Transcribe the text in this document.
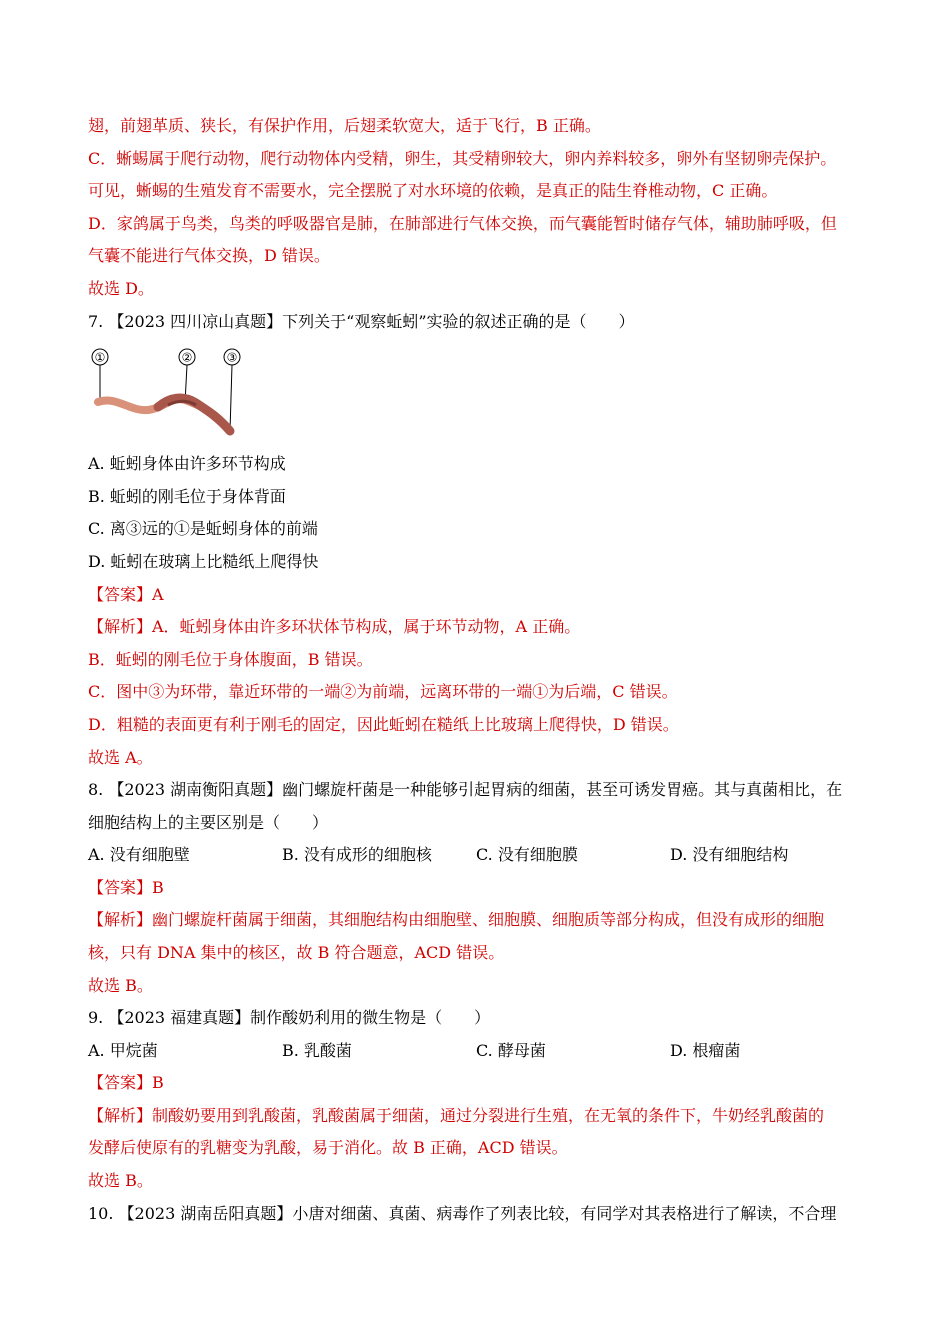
翅，前翅革质、狭长，有保护作用，后翅柔软宽大，适于飞行，B 正确。
C．蜥蜴属于爬行动物，爬行动物体内受精，卵生，其受精卵较大，卵内养料较多，卵外有坚韧卵壳保护。
可见，蜥蜴的生殖发育不需要水，完全摆脱了对水环境的依赖，是真正的陆生脊椎动物，C 正确。
D．家鸽属于鸟类，鸟类的呼吸器官是肺，在肺部进行气体交换，而气囊能暂时储存气体，辅助肺呼吸，但
气囊不能进行气体交换，D 错误。
故选 D。
7. 【2023 四川凉山真题】下列关于“观察蚯蚓”实验的叙述正确的是（　　）
①	②	③
A. 蚯蚓身体由许多环节构成
B. 蚯蚓的刚毛位于身体背面
C. 离③远的①是蚯蚓身体的前端
D. 蚯蚓在玻璃上比糙纸上爬得快
【答案】A
【解析】A．蚯蚓身体由许多环状体节构成，属于环节动物，A 正确。
B．蚯蚓的刚毛位于身体腹面，B 错误。
C．图中③为环带，靠近环带的一端②为前端，远离环带的一端①为后端，C 错误。
D．粗糙的表面更有利于刚毛的固定，因此蚯蚓在糙纸上比玻璃上爬得快，D 错误。
故选 A。
8. 【2023 湖南衡阳真题】幽门螺旋杆菌是一种能够引起胃病的细菌，甚至可诱发胃癌。其与真菌相比，在
细胞结构上的主要区别是（　　）
A. 没有细胞壁	B. 没有成形的细胞核	C. 没有细胞膜	D. 没有细胞结构
【答案】B
【解析】幽门螺旋杆菌属于细菌，其细胞结构由细胞壁、细胞膜、细胞质等部分构成，但没有成形的细胞
核，只有 DNA 集中的核区，故 B 符合题意，ACD 错误。
故选 B。
9. 【2023 福建真题】制作酸奶利用的微生物是（　　）
A. 甲烷菌	B. 乳酸菌	C. 酵母菌	D. 根瘤菌
【答案】B
【解析】制酸奶要用到乳酸菌，乳酸菌属于细菌，通过分裂进行生殖，在无氧的条件下，牛奶经乳酸菌的
发酵后使原有的乳糖变为乳酸，易于消化。故 B 正确，ACD 错误。
故选 B。
10. 【2023 湖南岳阳真题】小唐对细菌、真菌、病毒作了列表比较，有同学对其表格进行了解读，不合理
